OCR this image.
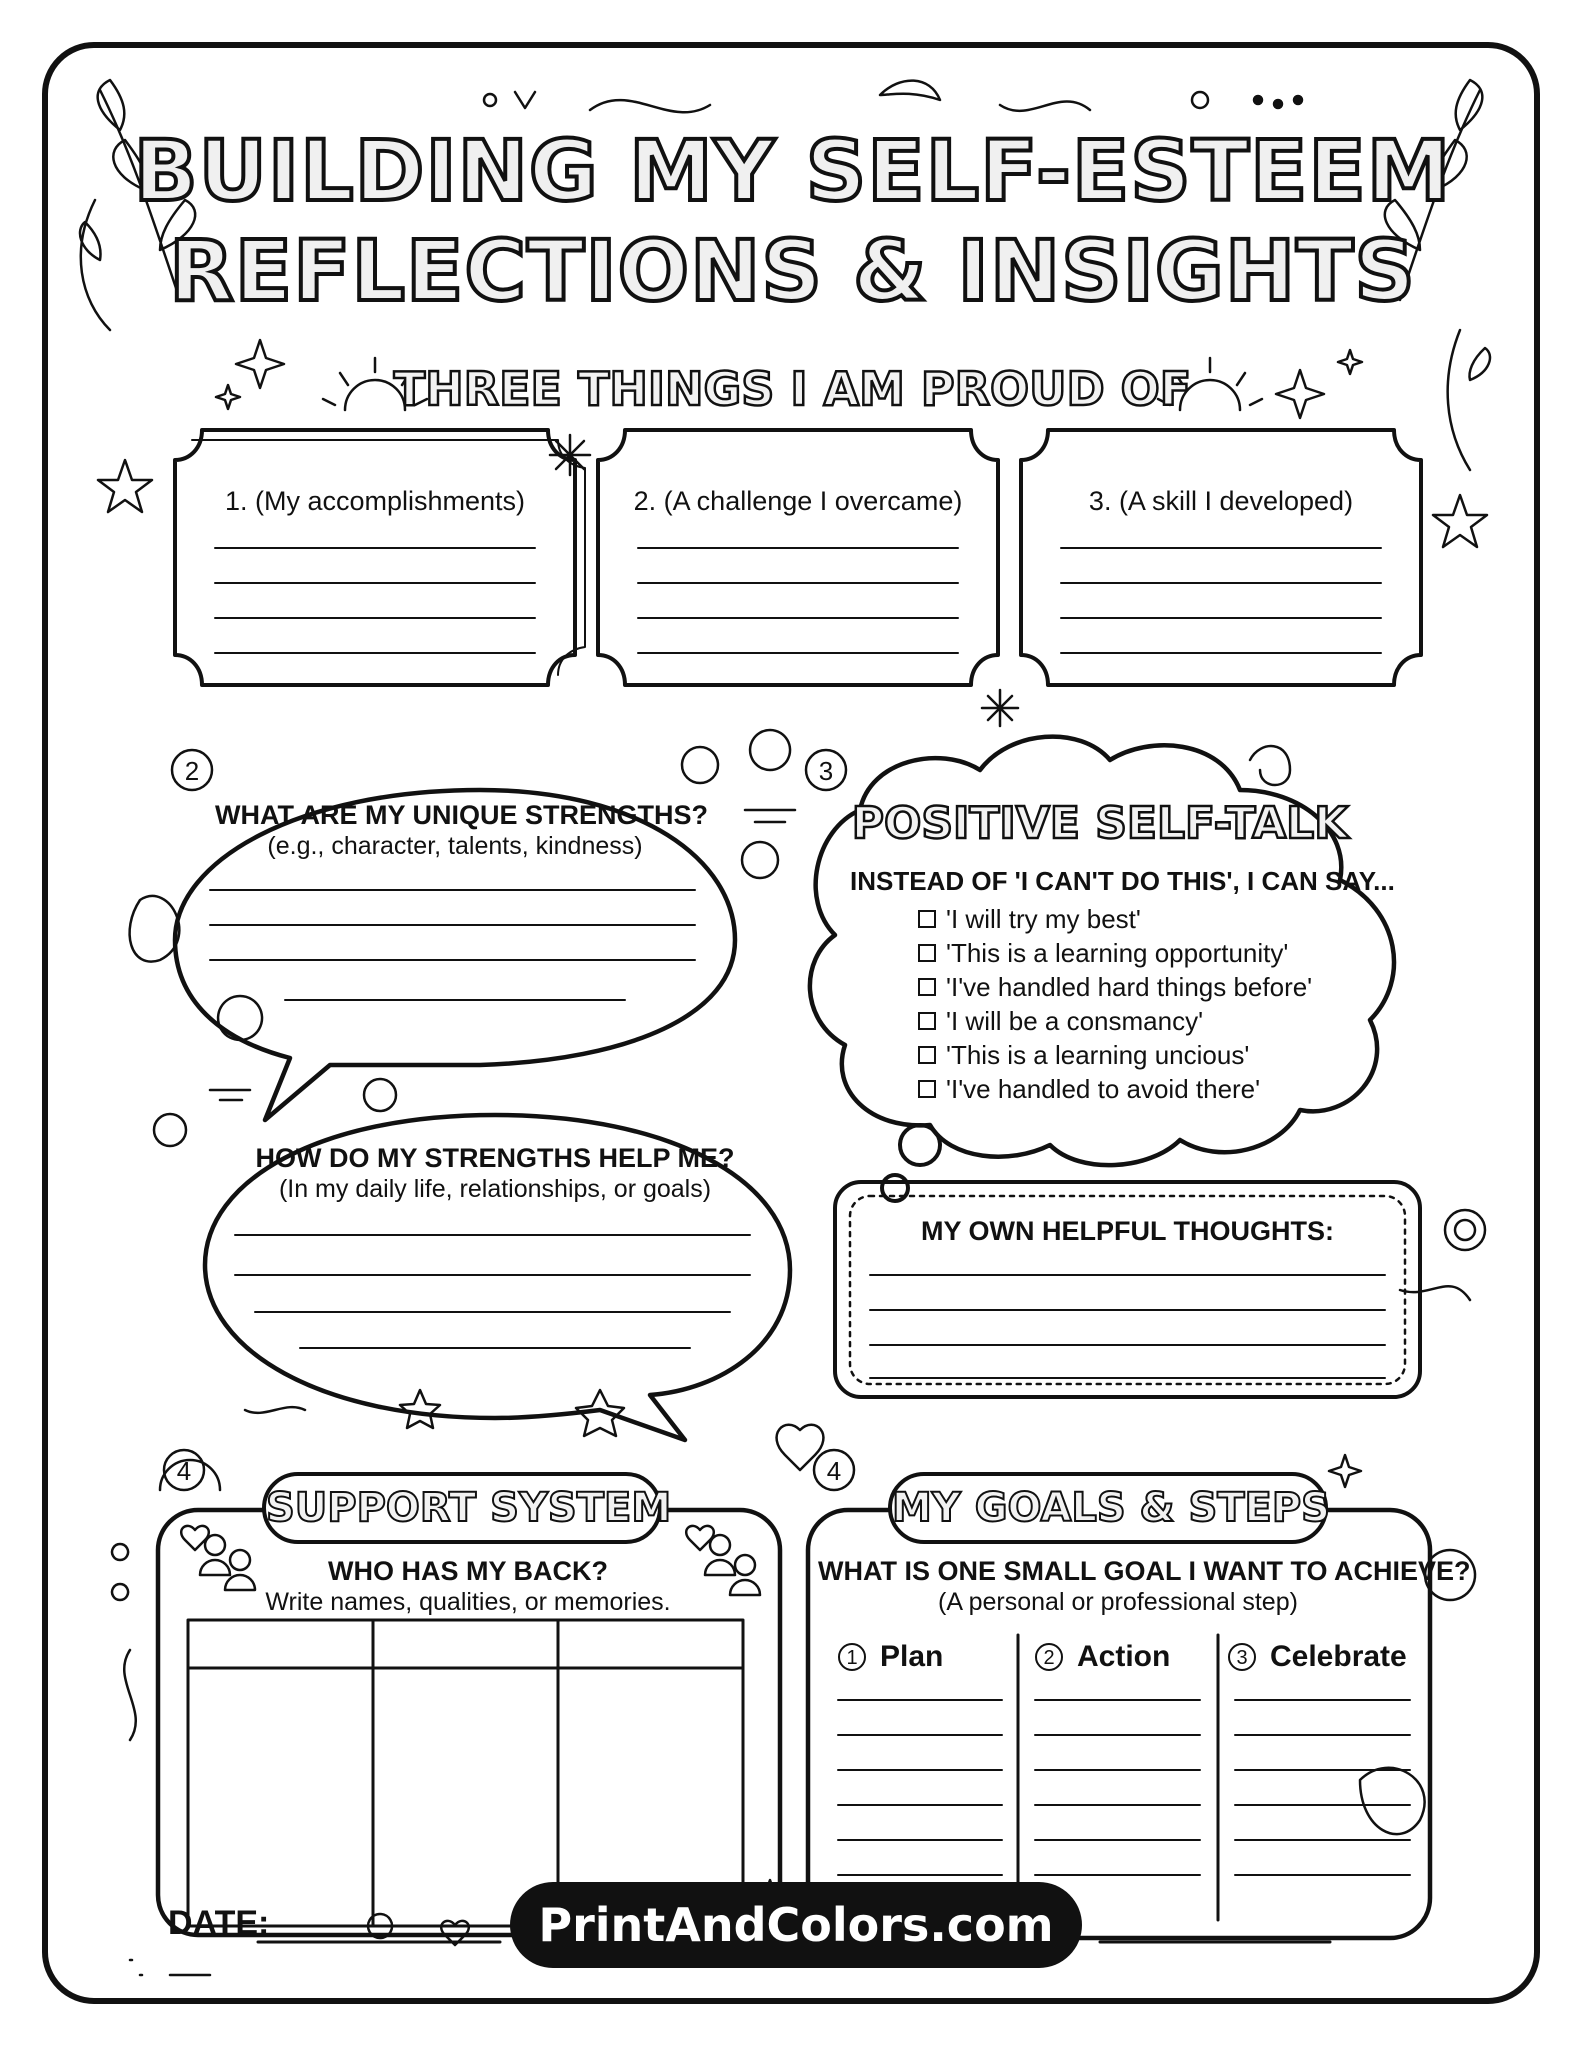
BUILDING MY SELF-ESTEEM
REFLECTIONS & INSIGHTS
THREE THINGS I AM PROUD OF
1. (My accomplishments)	2. (A challenge I overcame)	3. (A skill I developed)
2	3
4	4
WHAT ARE MY UNIQUE STRENGTHS?
(e.g., character, talents, kindness)
HOW DO MY STRENGTHS HELP ME?
(In my daily life, relationships, or goals)
POSITIVE SELF-TALK
INSTEAD OF 'I CAN'T DO THIS', I CAN SAY...
'I will try my best'
'This is a learning opportunity'
'I've handled hard things before'
'I will be a consmancy'
'This is a learning uncious'
'I've handled to avoid there'
MY OWN HELPFUL THOUGHTS:
SUPPORT SYSTEM
WHO HAS MY BACK?
Write names, qualities, or memories.
MY GOALS & STEPS
WHAT IS ONE SMALL GOAL I WANT TO ACHIEVE?
(A personal or professional step)
1 Plan	2 Action	3 Celebrate
DATE:	PrintAndColors.com
